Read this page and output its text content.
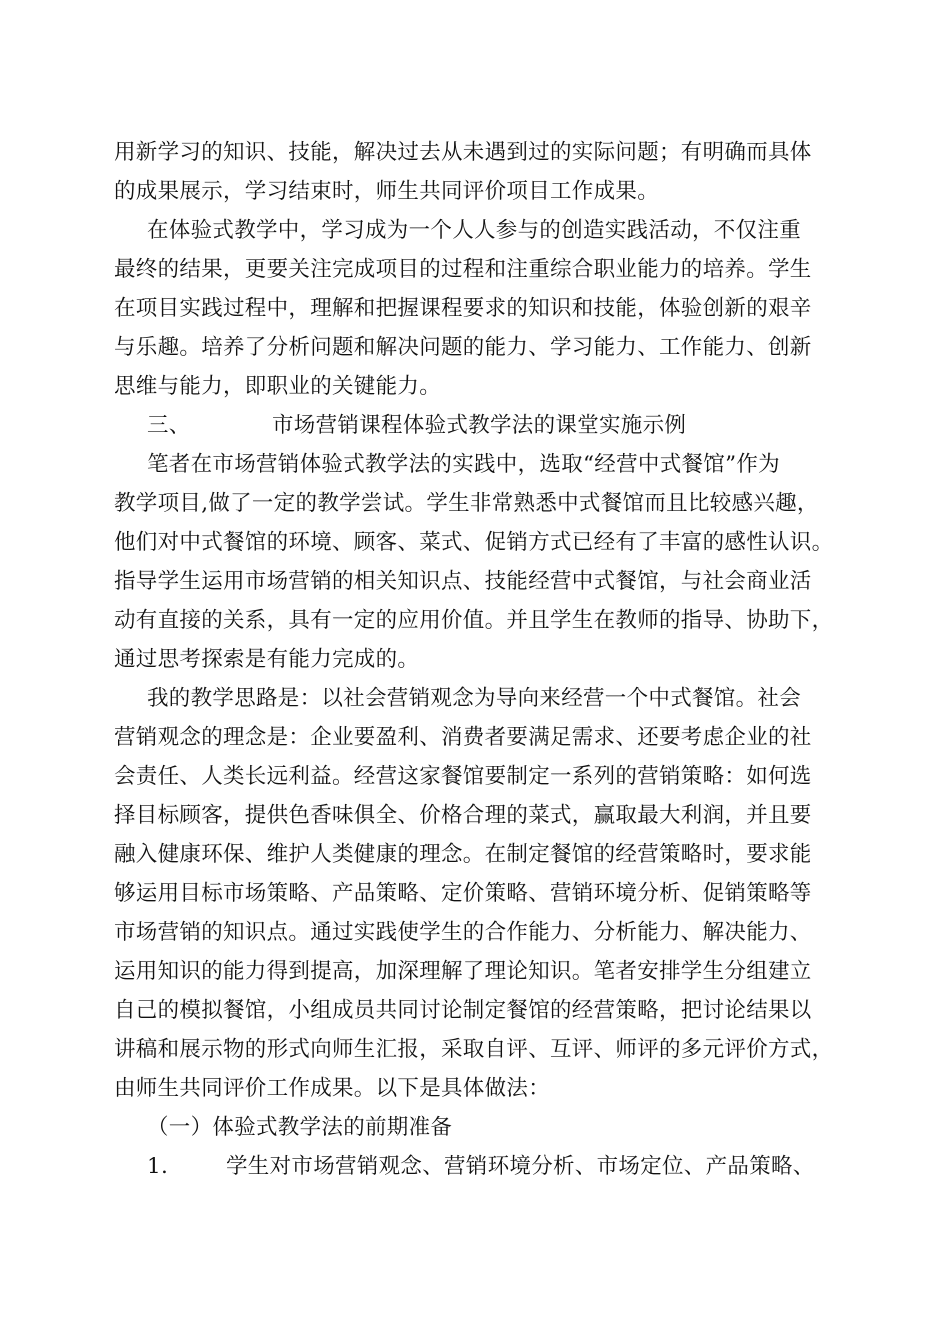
用新学习的知识、技能，解决过去从未遇到过的实际问题；有明确而具体
的成果展示，学习结束时，师生共同评价项目工作成果。
在体验式教学中，学习成为一个人人参与的创造实践活动，不仅注重
最终的结果，更要关注完成项目的过程和注重综合职业能力的培养。学生
在项目实践过程中，理解和把握课程要求的知识和技能，体验创新的艰辛
与乐趣。培养了分析问题和解决问题的能力、学习能力、工作能力、创新
思维与能力，即职业的关键能力。
三、	市场营销课程体验式教学法的课堂实施示例
笔者在市场营销体验式教学法的实践中，选取“经营中式餐馆”作为
教学项目,做了一定的教学尝试。学生非常熟悉中式餐馆而且比较感兴趣，
他们对中式餐馆的环境、顾客、菜式、促销方式已经有了丰富的感性认识。
指导学生运用市场营销的相关知识点、技能经营中式餐馆，与社会商业活
动有直接的关系，具有一定的应用价值。并且学生在教师的指导、协助下，
通过思考探索是有能力完成的。
我的教学思路是：以社会营销观念为导向来经营一个中式餐馆。社会
营销观念的理念是：企业要盈利、消费者要满足需求、还要考虑企业的社
会责任、人类长远利益。经营这家餐馆要制定一系列的营销策略：如何选
择目标顾客，提供色香味俱全、价格合理的菜式，赢取最大利润，并且要
融入健康环保、维护人类健康的理念。在制定餐馆的经营策略时，要求能
够运用目标市场策略、产品策略、定价策略、营销环境分析、促销策略等
市场营销的知识点。通过实践使学生的合作能力、分析能力、解决能力、
运用知识的能力得到提高，加深理解了理论知识。笔者安排学生分组建立
自己的模拟餐馆，小组成员共同讨论制定餐馆的经营策略，把讨论结果以
讲稿和展示物的形式向师生汇报，采取自评、互评、师评的多元评价方式，
由师生共同评价工作成果。以下是具体做法：
（一）体验式教学法的前期准备
1.	学生对市场营销观念、营销环境分析、市场定位、产品策略、
